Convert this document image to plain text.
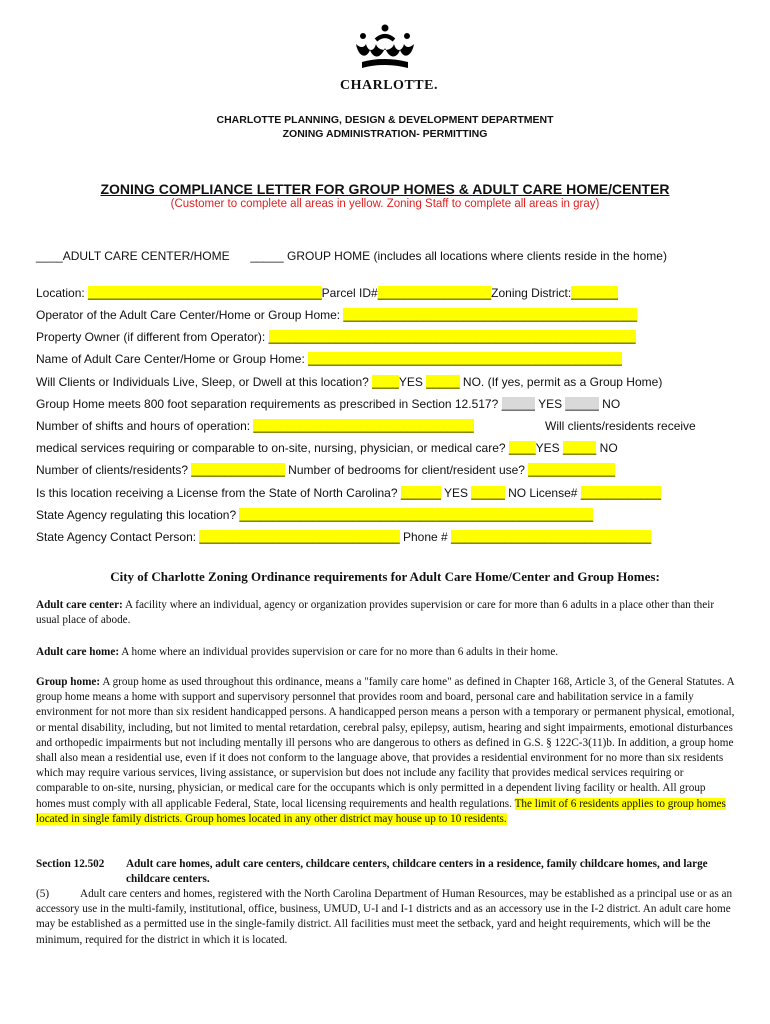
CHARLOTTE.
CHARLOTTE PLANNING, DESIGN & DEVELOPMENT DEPARTMENT
ZONING ADMINISTRATION- PERMITTING
ZONING COMPLIANCE LETTER FOR GROUP HOMES & ADULT CARE HOME/CENTER
(Customer to complete all areas in yellow. Zoning Staff to complete all areas in gray)
____ADULT CARE CENTER/HOME _____ GROUP HOME (includes all locations where clients reside in the home)
Location: ___________________________________Parcel ID#_________________Zoning District:_______
Operator of the Adult Care Center/Home or Group Home: ____________________________________________
Property Owner (if different from Operator): _______________________________________________________
Name of Adult Care Center/Home or Group Home: _______________________________________________
Will Clients or Individuals Live, Sleep, or Dwell at this location? ____YES _____ NO. (If yes, permit as a Group Home)
Group Home meets 800 foot separation requirements as prescribed in Section 12.517? _____ YES _____ NO
Number of shifts and hours of operation: _________________________________	Will clients/residents receive
medical services requiring or comparable to on-site, nursing, physician, or medical care? ____YES _____ NO
Number of clients/residents? ______________ Number of bedrooms for client/resident use? _____________
Is this location receiving a License from the State of North Carolina? ______ YES _____ NO License# ____________
State Agency regulating this location? _____________________________________________________
State Agency Contact Person: ______________________________ Phone # ______________________________
City of Charlotte Zoning Ordinance requirements for Adult Care Home/Center and Group Homes:
Adult care center: A facility where an individual, agency or organization provides supervision or care for more than 6 adults in a place other than their usual place of abode.
Adult care home: A home where an individual provides supervision or care for no more than 6 adults in their home.
Group home: A group home as used throughout this ordinance, means a "family care home" as defined in Chapter 168, Article 3, of the General Statutes. A group home means a home with support and supervisory personnel that provides room and board, personal care and habilitation service in a family environment for not more than six resident handicapped persons. A handicapped person means a person with a temporary or permanent physical, emotional, or mental disability, including, but not limited to mental retardation, cerebral palsy, epilepsy, autism, hearing and sight impairments, emotional disturbances and orthopedic impairments but not including mentally ill persons who are dangerous to others as defined in G.S. § 122C-3(11)b. In addition, a group home shall also mean a residential use, even if it does not conform to the language above, that provides a residential environment for no more than six residents which may require various services, living assistance, or supervision but does not include any facility that provides medical services requiring or comparable to on-site, nursing, physician, or medical care for the occupants which is only permitted in a dependent living facility or health. All group homes must comply with all applicable Federal, State, local licensing requirements and health regulations. The limit of 6 residents applies to group homes located in single family districts. Group homes located in any other district may house up to 10 residents.
Section 12.502	Adult care homes, adult care centers, childcare centers, childcare centers in a residence, family childcare homes, and large childcare centers.
(5)	Adult care centers and homes, registered with the North Carolina Department of Human Resources, may be established as a principal use or as an accessory use in the multi-family, institutional, office, business, UMUD, U-I and I-1 districts and as an accessory use in the I-2 district. An adult care home may be established as a permitted use in the single-family district. All facilities must meet the setback, yard and height requirements, which will be the minimum, required for the district in which it is located.
